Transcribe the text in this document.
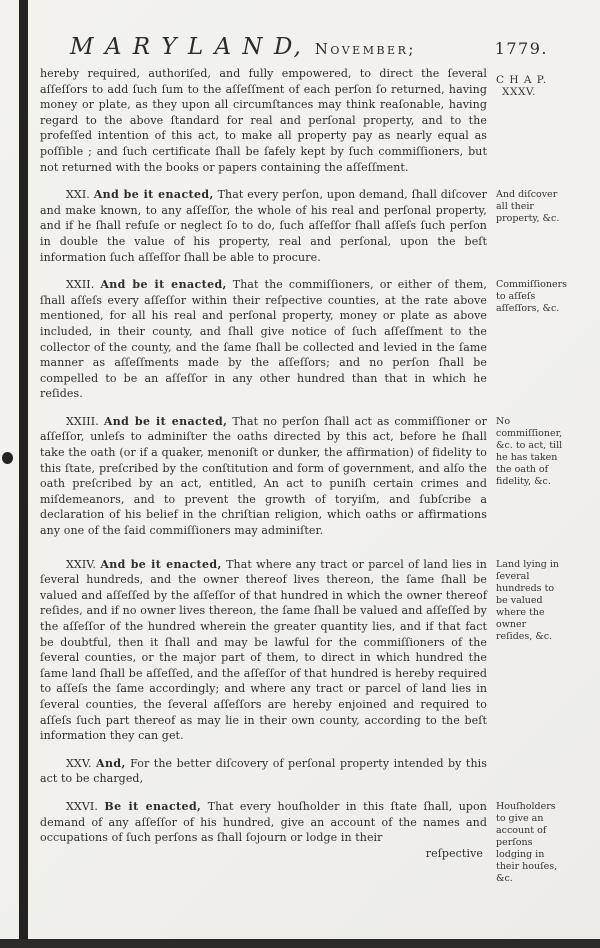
M A R Y L A N D, November;	1779.
hereby required, authoriſed, and fully empowered, to direct the ſeveral aſſeſſors to add ſuch ſum to the aſſeſſment of each perſon ſo returned, having money or plate, as they upon all circumſtances may think reaſonable, having regard to the above ſtandard for real and perſonal property, and to the profeſſed intention of this act, to make all property pay as nearly equal as poſſible ; and ſuch certificate ſhall be ſafely kept by ſuch commiſſioners, but not returned with the books or papers containing the aſſeſſment.
C H A P.
XXXV.
XXI. And be it enacted, That every perſon, upon demand, ſhall diſcover and make known, to any aſſeſſor, the whole of his real and perſonal property, and if he ſhall refuſe or neglect ſo to do, ſuch aſſeſſor ſhall aſſeſs ſuch perſon in double the value of his property, real and perſonal, upon the beſt information ſuch aſſeſſor ſhall be able to procure.
And diſcover all their property, &c.
XXII. And be it enacted, That the commiſſioners, or either of them, ſhall aſſeſs every aſſeſſor within their reſpective counties, at the rate above mentioned, for all his real and perſonal property, money or plate as above included, in their county, and ſhall give notice of ſuch aſſeſſment to the collector of the county, and the ſame ſhall be collected and levied in the ſame manner as aſſeſſments made by the aſſeſſors; and no perſon ſhall be compelled to be an aſſeſſor in any other hundred than that in which he reſides.
Commiſſioners to aſſeſs aſſeſſors, &c.
XXIII. And be it enacted, That no perſon ſhall act as commiſſioner or aſſeſſor, unleſs to adminiſter the oaths directed by this act, before he ſhall take the oath (or if a quaker, menoniſt or dunker, the affirmation) of fidelity to this ſtate, preſcribed by the conſtitution and form of government, and alſo the oath preſcribed by an act, entitled, An act to puniſh certain crimes and miſdemeanors, and to prevent the growth of toryiſm, and ſubſcribe a declaration of his belief in the chriſtian religion, which oaths or affirmations any one of the ſaid commiſſioners may adminiſter.
No commiſſioner, &c. to act, till he has taken the oath of fidelity, &c.
XXIV. And be it enacted, That where any tract or parcel of land lies in ſeveral hundreds, and the owner thereof lives thereon, the ſame ſhall be valued and aſſeſſed by the aſſeſſor of that hundred in which the owner thereof reſides, and if no owner lives thereon, the ſame ſhall be valued and aſſeſſed by the aſſeſſor of the hundred wherein the greater quantity lies, and if that fact be doubtful, then it ſhall and may be lawful for the commiſſioners of the ſeveral counties, or the major part of them, to direct in which hundred the ſame land ſhall be aſſeſſed, and the aſſeſſor of that hundred is hereby required to aſſeſs the ſame accordingly; and where any tract or parcel of land lies in ſeveral counties, the ſeveral aſſeſſors are hereby enjoined and required to aſſeſs ſuch part thereof as may lie in their own county, according to the beſt information they can get.
Land lying in ſeveral hundreds to be valued where the owner reſides, &c.
XXV. And, For the better diſcovery of perſonal property intended by this act to be charged,
XXVI. Be it enacted, That every houſholder in this ſtate ſhall, upon demand of any aſſeſſor of his hundred, give an account of the names and occupations of ſuch perſons as ſhall ſojourn or lodge in their
reſpective
Houſholders to give an account of perſons lodging in their houſes, &c.
